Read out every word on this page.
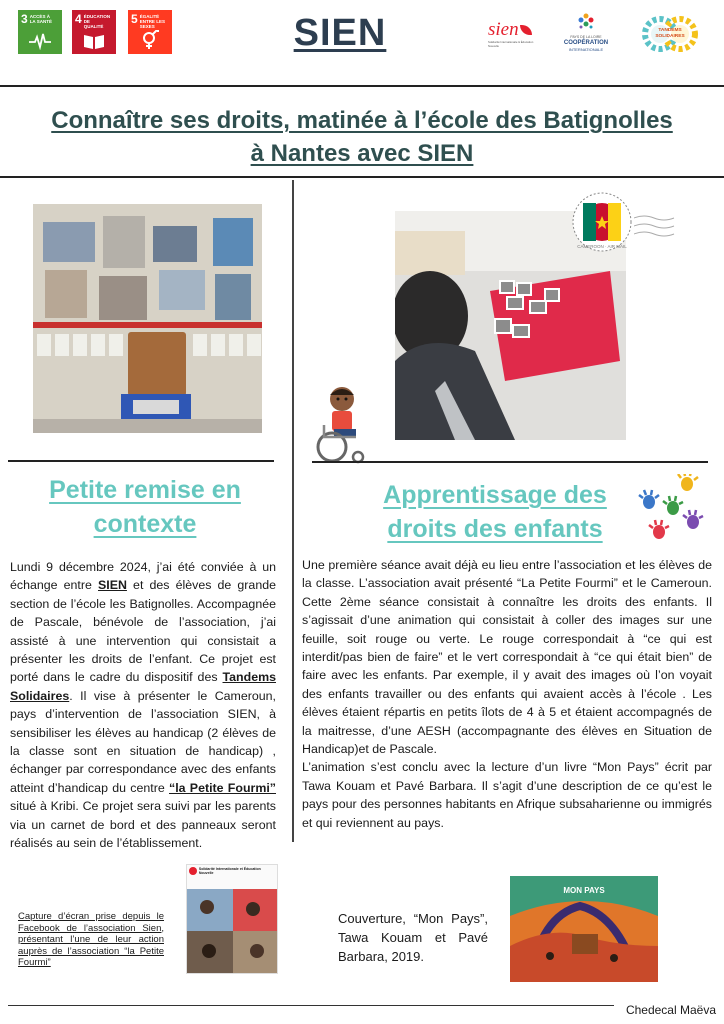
3 ACCÈS À LA SANTÉ	4 ÉDUCATION DE QUALITÉ
5 ÉGALITÉ ENTRE LES SEXES	SIEN	sien
Solidarité Internationale & Éducation Nouvelle
PAYS DE LA LOIRE
COOPÉRATION
INTERNATIONALE
TANDEMS SOLIDAIRES
Connaître ses droits, matinée à l’école des Batignolles
à Nantes avec SIEN
CAMEROON · AIR MAIL
Petite remise en
contexte

Lundi 9 décembre 2024, j’ai été conviée à un échange entre SIEN et des élèves de grande section de l’école les Batignolles. Accompagnée de Pascale, bénévole de l’association, j’ai assisté à une intervention qui consistait a présenter les droits de l’enfant. Ce projet est porté dans le cadre du dispositif des Tandems Solidaires. Il vise à présenter le Cameroun, pays d’intervention de l’association SIEN, à sensibiliser les élèves au handicap (2 élèves de la classe sont en situation de handicap) , échanger par correspondance avec des enfants atteint d’handicap du centre “la Petite Fourmi” situé à Kribi. Ce projet sera suivi par les parents via un carnet de bord et des panneaux seront réalisés au sein de l’établissement.

Apprentissage des
droits des enfants

Une première séance avait déjà eu lieu entre l’association et les élèves de la classe. L’association avait présenté “La Petite Fourmi” et le Cameroun. Cette 2ème séance consistait à connaître les droits des enfants. Il s’agissait d’une animation qui consistait à coller des images sur une feuille, soit rouge ou verte. Le rouge correspondait à “ce qui est interdit/pas bien de faire” et le vert correspondait à “ce qui était bien” de faire avec les enfants. Par exemple, il y avait des images où l’on voyait des enfants travailler ou des enfants qui avaient accès à l’école . Les élèves étaient répartis en petits îlots de 4 à 5 et étaient accompagnés de la maitresse, d’une AESH (accompagnante des élèves en Situation de Handicap)et de Pascale.

L’animation s’est conclu avec la lecture d’un livre “Mon Pays” écrit par Tawa Kouam et Pavé Barbara. Il s’agit d’une description de ce qu’est le pays pour des personnes habitants en Afrique subsaharienne ou immigrés et qui reviennent au pays.

Solidarité Internationale et Éducation Nouvelle
Capture d’écran prise depuis le Facebook de l’association Sien, présentant l’une de leur action auprès de l’association “la Petite Fourmi”
Couverture, “Mon Pays”, Tawa Kouam et Pavé Barbara, 2019.
MON PAYS
Chedecal Maëva
